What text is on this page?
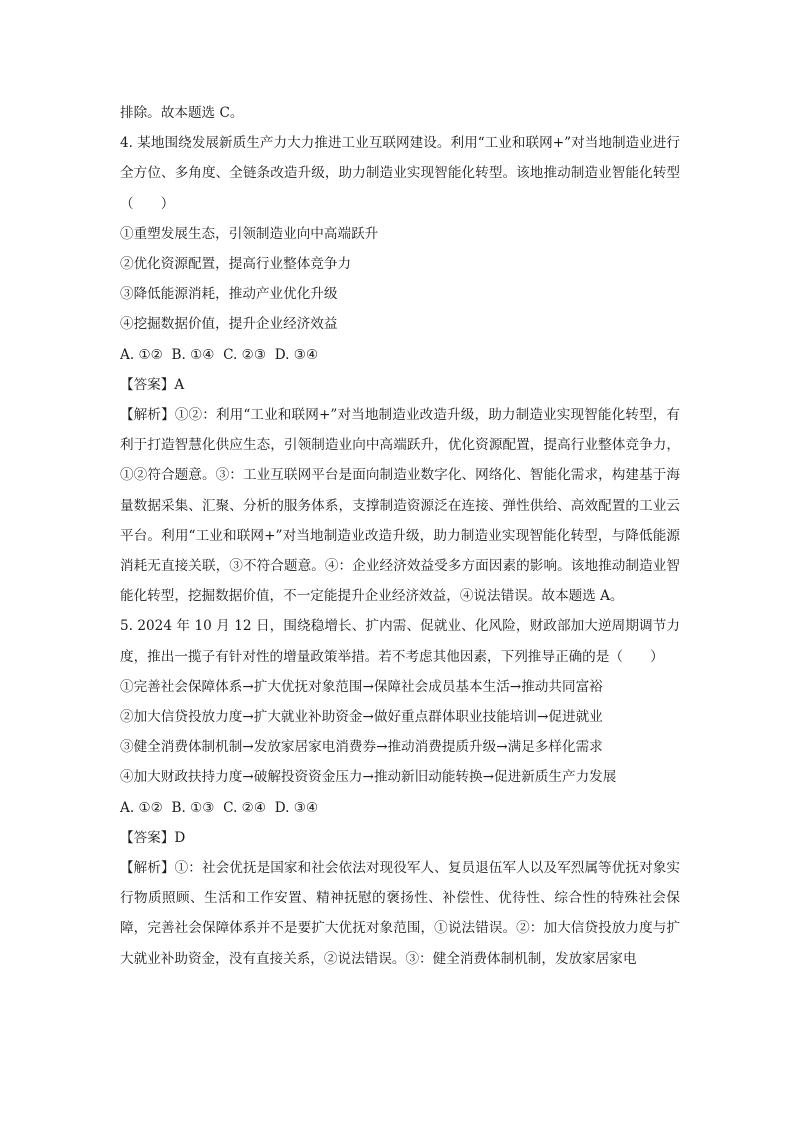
排除。故本题选 C。

4. 某地围绕发展新质生产力大力推进工业互联网建设。利用“工业和联网+”对当地制造业进行全方位、多角度、全链条改造升级，助力制造业实现智能化转型。该地推动制造业智能化转型（　　）

①重塑发展生态，引领制造业向中高端跃升

②优化资源配置，提高行业整体竞争力

③降低能源消耗，推动产业优化升级

④挖掘数据价值，提升企业经济效益

A. ①②  B. ①④  C. ②③  D. ③④

【答案】A

【解析】①②：利用“工业和联网+”对当地制造业改造升级，助力制造业实现智能化转型，有利于打造智慧化供应生态，引领制造业向中高端跃升，优化资源配置，提高行业整体竞争力，①②符合题意。③：工业互联网平台是面向制造业数字化、网络化、智能化需求，构建基于海量数据采集、汇聚、分析的服务体系，支撑制造资源泛在连接、弹性供给、高效配置的工业云平台。利用“工业和联网+”对当地制造业改造升级，助力制造业实现智能化转型，与降低能源消耗无直接关联，③不符合题意。④：企业经济效益受多方面因素的影响。该地推动制造业智能化转型，挖掘数据价值，不一定能提升企业经济效益，④说法错误。故本题选 A。

5. 2024 年 10 月 12 日，围绕稳增长、扩内需、促就业、化风险，财政部加大逆周期调节力度，推出一揽子有针对性的增量政策举措。若不考虑其他因素，下列推导正确的是（　　）

①完善社会保障体系→扩大优抚对象范围→保障社会成员基本生活→推动共同富裕

②加大信贷投放力度→扩大就业补助资金→做好重点群体职业技能培训→促进就业

③健全消费体制机制→发放家居家电消费券→推动消费提质升级→满足多样化需求

④加大财政扶持力度→破解投资资金压力→推动新旧动能转换→促进新质生产力发展

A. ①②  B. ①③  C. ②④  D. ③④

【答案】D

【解析】①：社会优抚是国家和社会依法对现役军人、复员退伍军人以及军烈属等优抚对象实行物质照顾、生活和工作安置、精神抚慰的褒扬性、补偿性、优待性、综合性的特殊社会保障，完善社会保障体系并不是要扩大优抚对象范围，①说法错误。②：加大信贷投放力度与扩大就业补助资金，没有直接关系，②说法错误。③：健全消费体制机制，发放家居家电
